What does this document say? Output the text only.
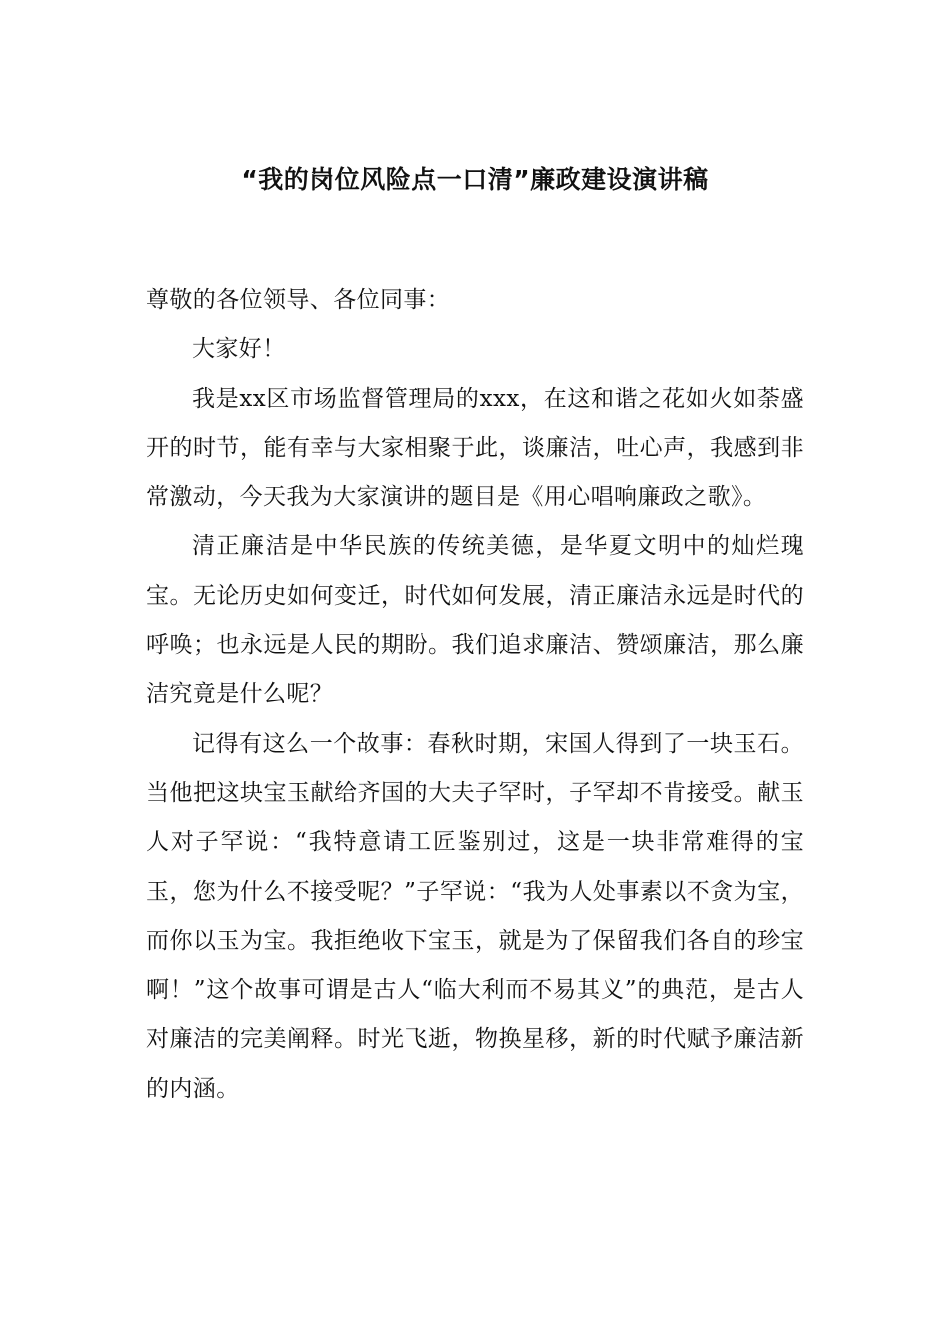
“我的岗位风险点一口清”廉政建设演讲稿

尊敬的各位领导、各位同事：

大家好！

我是xx区市场监督管理局的xxx，在这和谐之花如火如荼盛开的时节，能有幸与大家相聚于此，谈廉洁，吐心声，我感到非常激动，今天我为大家演讲的题目是《用心唱响廉政之歌》。

清正廉洁是中华民族的传统美德，是华夏文明中的灿烂瑰宝。无论历史如何变迁，时代如何发展，清正廉洁永远是时代的呼唤；也永远是人民的期盼。我们追求廉洁、赞颂廉洁，那么廉洁究竟是什么呢？

记得有这么一个故事：春秋时期，宋国人得到了一块玉石。当他把这块宝玉献给齐国的大夫子罕时，子罕却不肯接受。献玉人对子罕说：“我特意请工匠鉴别过，这是一块非常难得的宝玉，您为什么不接受呢？”子罕说：“我为人处事素以不贪为宝，而你以玉为宝。我拒绝收下宝玉，就是为了保留我们各自的珍宝啊！”这个故事可谓是古人“临大利而不易其义”的典范，是古人对廉洁的完美阐释。时光飞逝，物换星移，新的时代赋予廉洁新的内涵。
